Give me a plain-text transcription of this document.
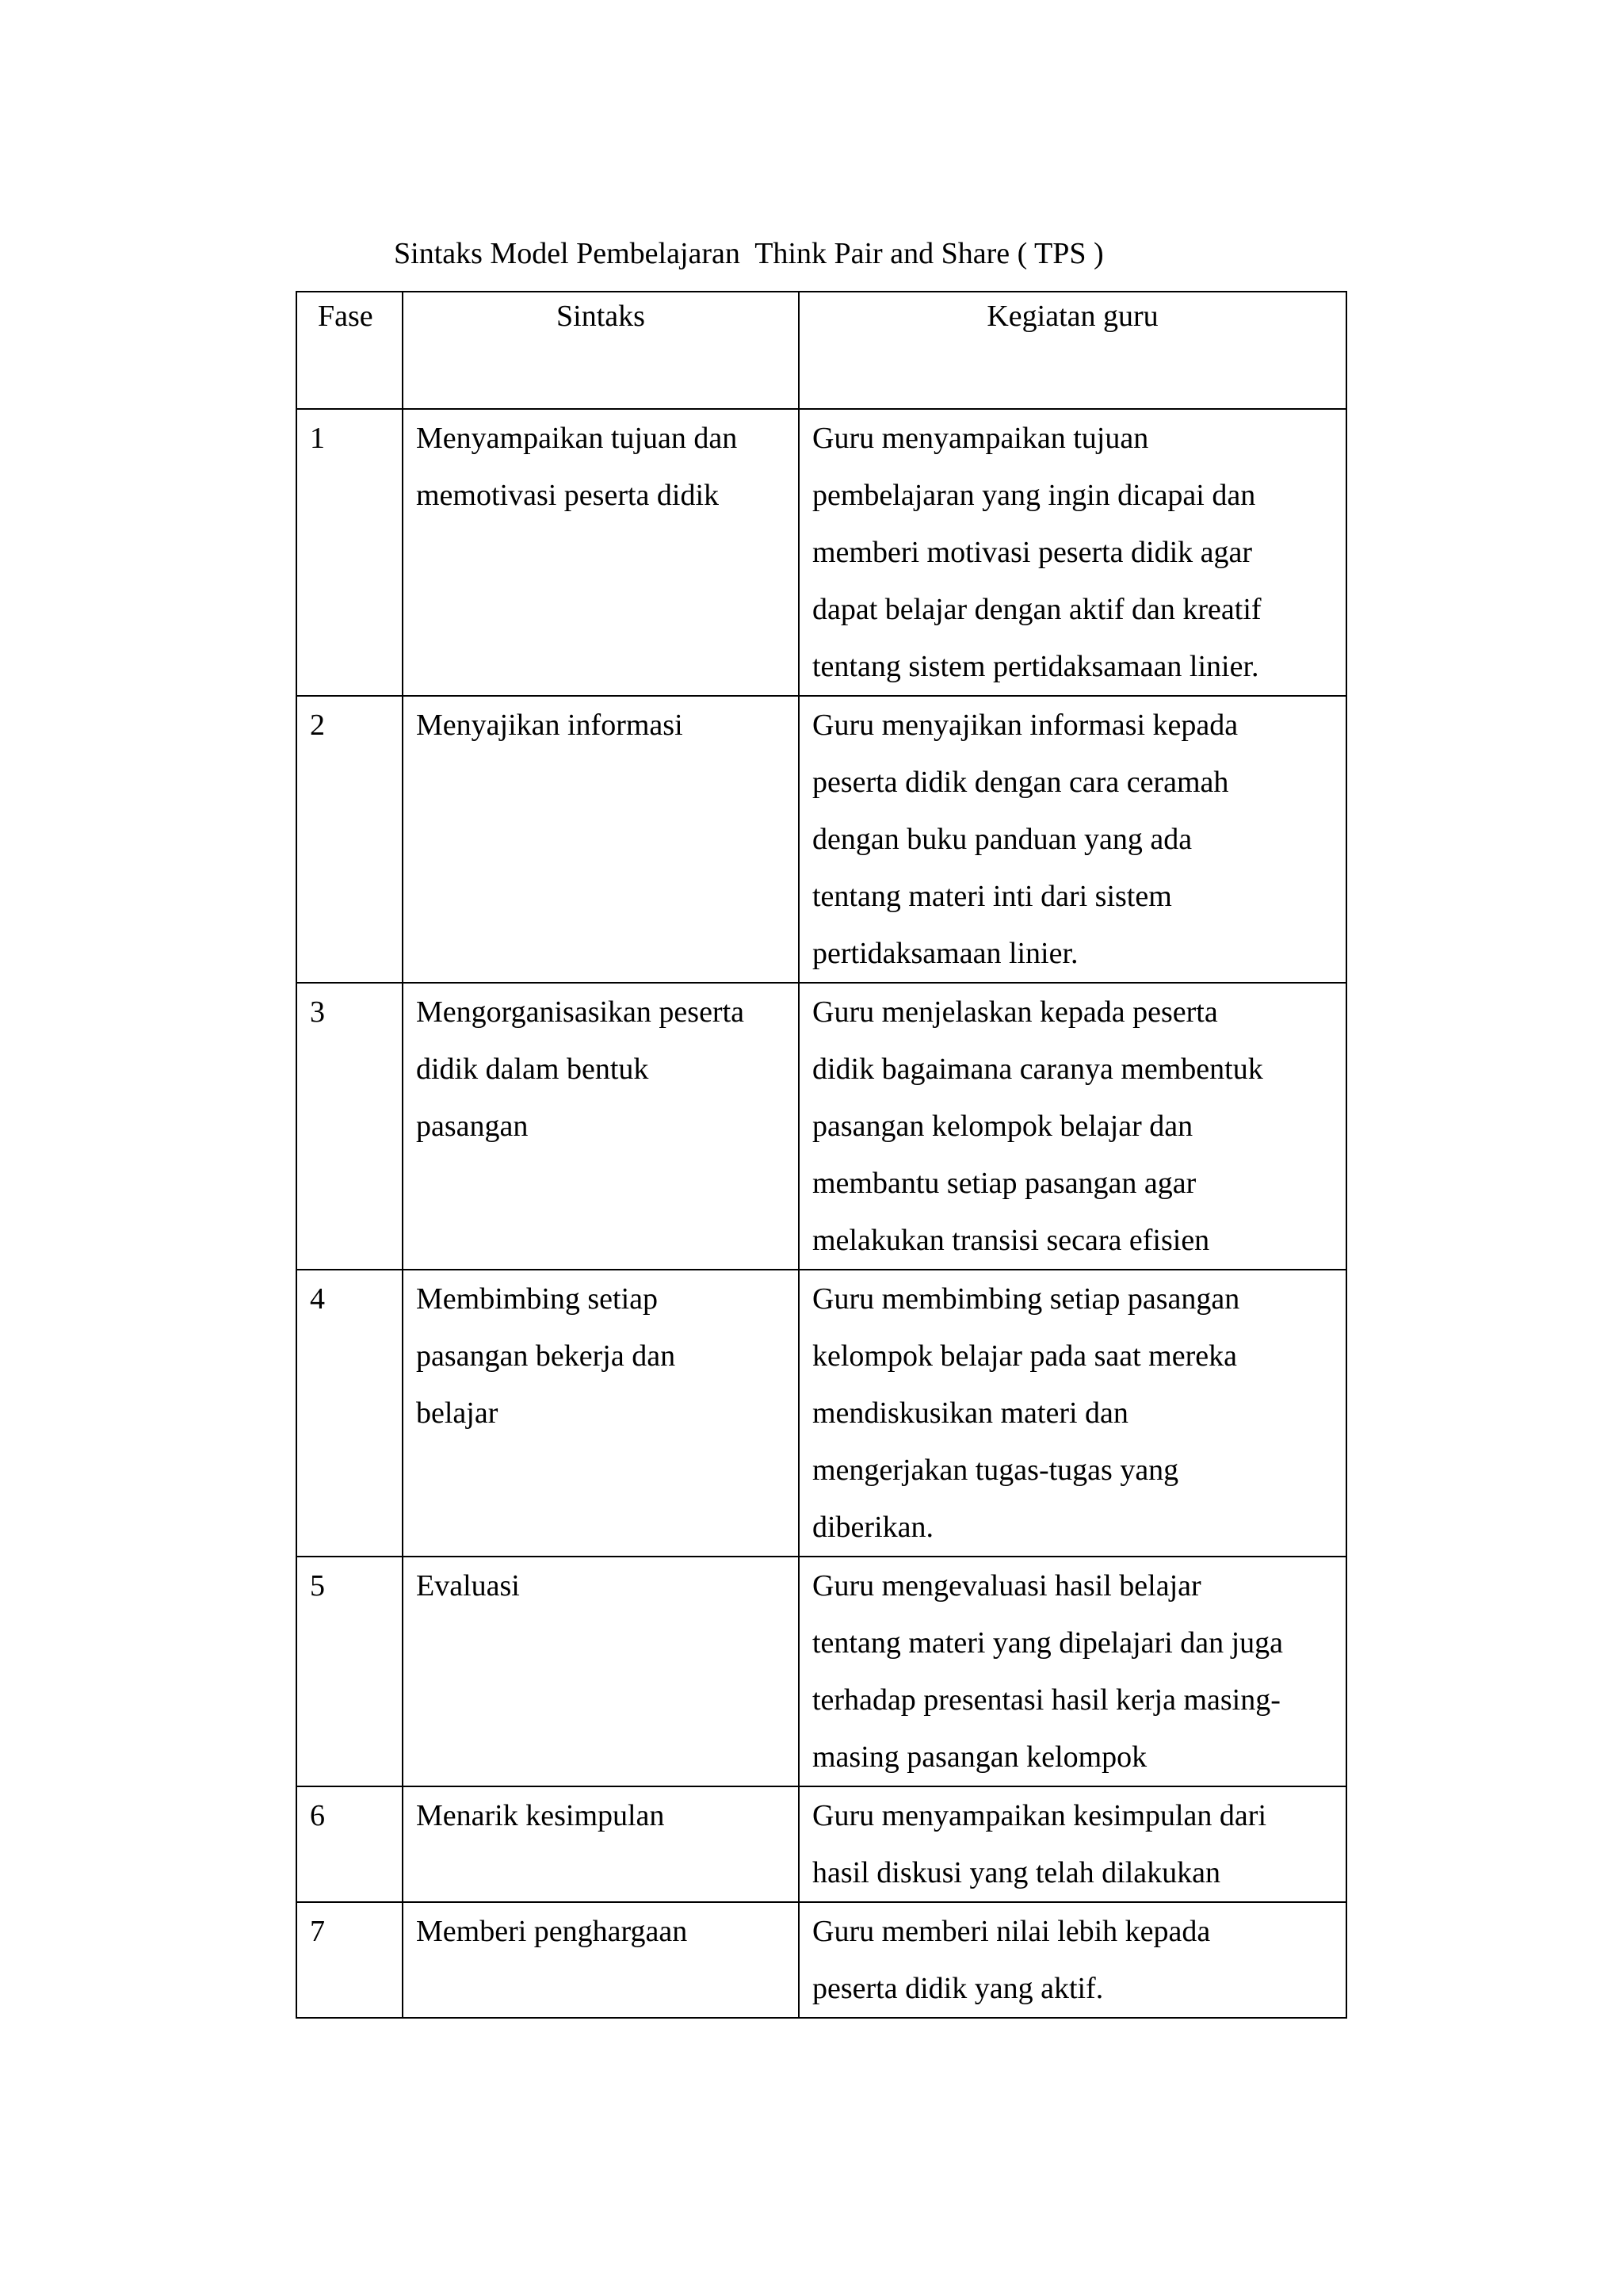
Sintaks Model Pembelajaran  Think Pair and Share ( TPS )
Fase	Sintaks	Kegiatan guru
1	Menyampaikan tujuan dan
memotivasi peserta didik	Guru menyampaikan tujuan
pembelajaran yang ingin dicapai dan
memberi motivasi peserta didik agar
dapat belajar dengan aktif dan kreatif
tentang sistem pertidaksamaan linier.

2	Menyajikan informasi	Guru menyajikan informasi kepada
peserta didik dengan cara ceramah
dengan buku panduan yang ada
tentang materi inti dari sistem
pertidaksamaan linier.

3	Mengorganisasikan peserta
didik dalam bentuk
pasangan	Guru menjelaskan kepada peserta
didik bagaimana caranya membentuk
pasangan kelompok belajar dan
membantu setiap pasangan agar
melakukan transisi secara efisien

4	Membimbing setiap
pasangan bekerja dan
belajar	Guru membimbing setiap pasangan
kelompok belajar pada saat mereka
mendiskusikan materi dan
mengerjakan tugas-tugas yang
diberikan.

5	Evaluasi	Guru mengevaluasi hasil belajar
tentang materi yang dipelajari dan juga
terhadap presentasi hasil kerja masing-
masing pasangan kelompok

6	Menarik kesimpulan	Guru menyampaikan kesimpulan dari
hasil diskusi yang telah dilakukan

7	Memberi penghargaan	Guru memberi nilai lebih kepada
peserta didik yang aktif.
